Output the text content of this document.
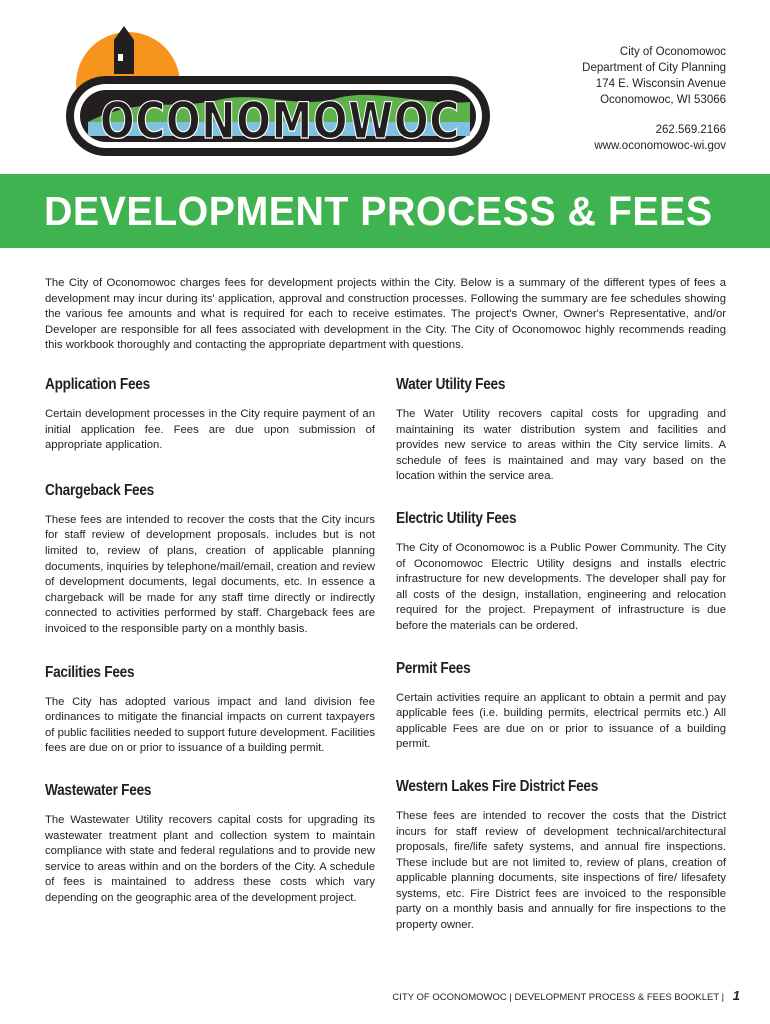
OCONOMOWOC
City of Oconomowoc
Department of City Planning
174 E. Wisconsin Avenue
Oconomowoc, WI 53066
262.569.2166
www.oconomowoc-wi.gov
DEVELOPMENT PROCESS & FEES

The City of Oconomowoc charges fees for development projects within the City. Below is a summary of the different types of fees a development may incur during its' application, approval and construction processes. Following the summary are fee schedules showing the various fee amounts and what is required for each to receive estimates. The project's Owner, Owner's Representative, and/or Developer are responsible for all fees associated with development in the City. The City of Oconomowoc highly recommends reading this workbook thoroughly and contacting the appropriate department with questions.

Application Fees

Certain development processes in the City require payment of an initial application fee. Fees are due upon submission of appropriate application.

Chargeback Fees

These fees are intended to recover the costs that the City incurs for staff review of development proposals. includes but is not limited to, review of plans, creation of applicable planning documents, inquiries by telephone/mail/email, creation and review of development documents, legal documents, etc. In essence a chargeback will be made for any staff time directly or indirectly connected to activities performed by staff. Chargeback fees are invoiced to the responsible party on a monthly basis.

Facilities Fees

The City has adopted various impact and land division fee ordinances to mitigate the financial impacts on current taxpayers of public facilities needed to support future development. Facilities fees are due on or prior to issuance of a building permit.

Wastewater Fees

The Wastewater Utility recovers capital costs for upgrading its wastewater treatment plant and collection system to maintain compliance with state and federal regulations and to provide new service to areas within and on the borders of the City. A schedule of fees is maintained to address these costs which vary depending on the geographic area of the development project.

Water Utility Fees

The Water Utility recovers capital costs for upgrading and maintaining its water distribution system and facilities and provides new service to areas within the City service limits. A schedule of fees is maintained and may vary based on the location within the service area.

Electric Utility Fees

The City of Oconomowoc is a Public Power Community. The City of Oconomowoc Electric Utility designs and installs electric infrastructure for new developments. The developer shall pay for all costs of the design, installation, engineering and relocation required for the project. Prepayment of infrastructure is due before the materials can be ordered.

Permit Fees

Certain activities require an applicant to obtain a permit and pay applicable fees (i.e. building permits, electrical permits etc.) All applicable Fees are due on or prior to issuance of a building permit.

Western Lakes Fire District Fees

These fees are intended to recover the costs that the District incurs for staff review of development technical/architectural proposals, fire/life safety systems, and annual fire inspections. These include but are not limited to, review of plans, creation of applicable planning documents, site inspections of fire/ lifesafety systems, etc. Fire District fees are invoiced to the responsible party on a monthly basis and annually for fire inspections to the property owner.

CITY OF OCONOMOWOC | DEVELOPMENT PROCESS & FEES BOOKLET | 1
